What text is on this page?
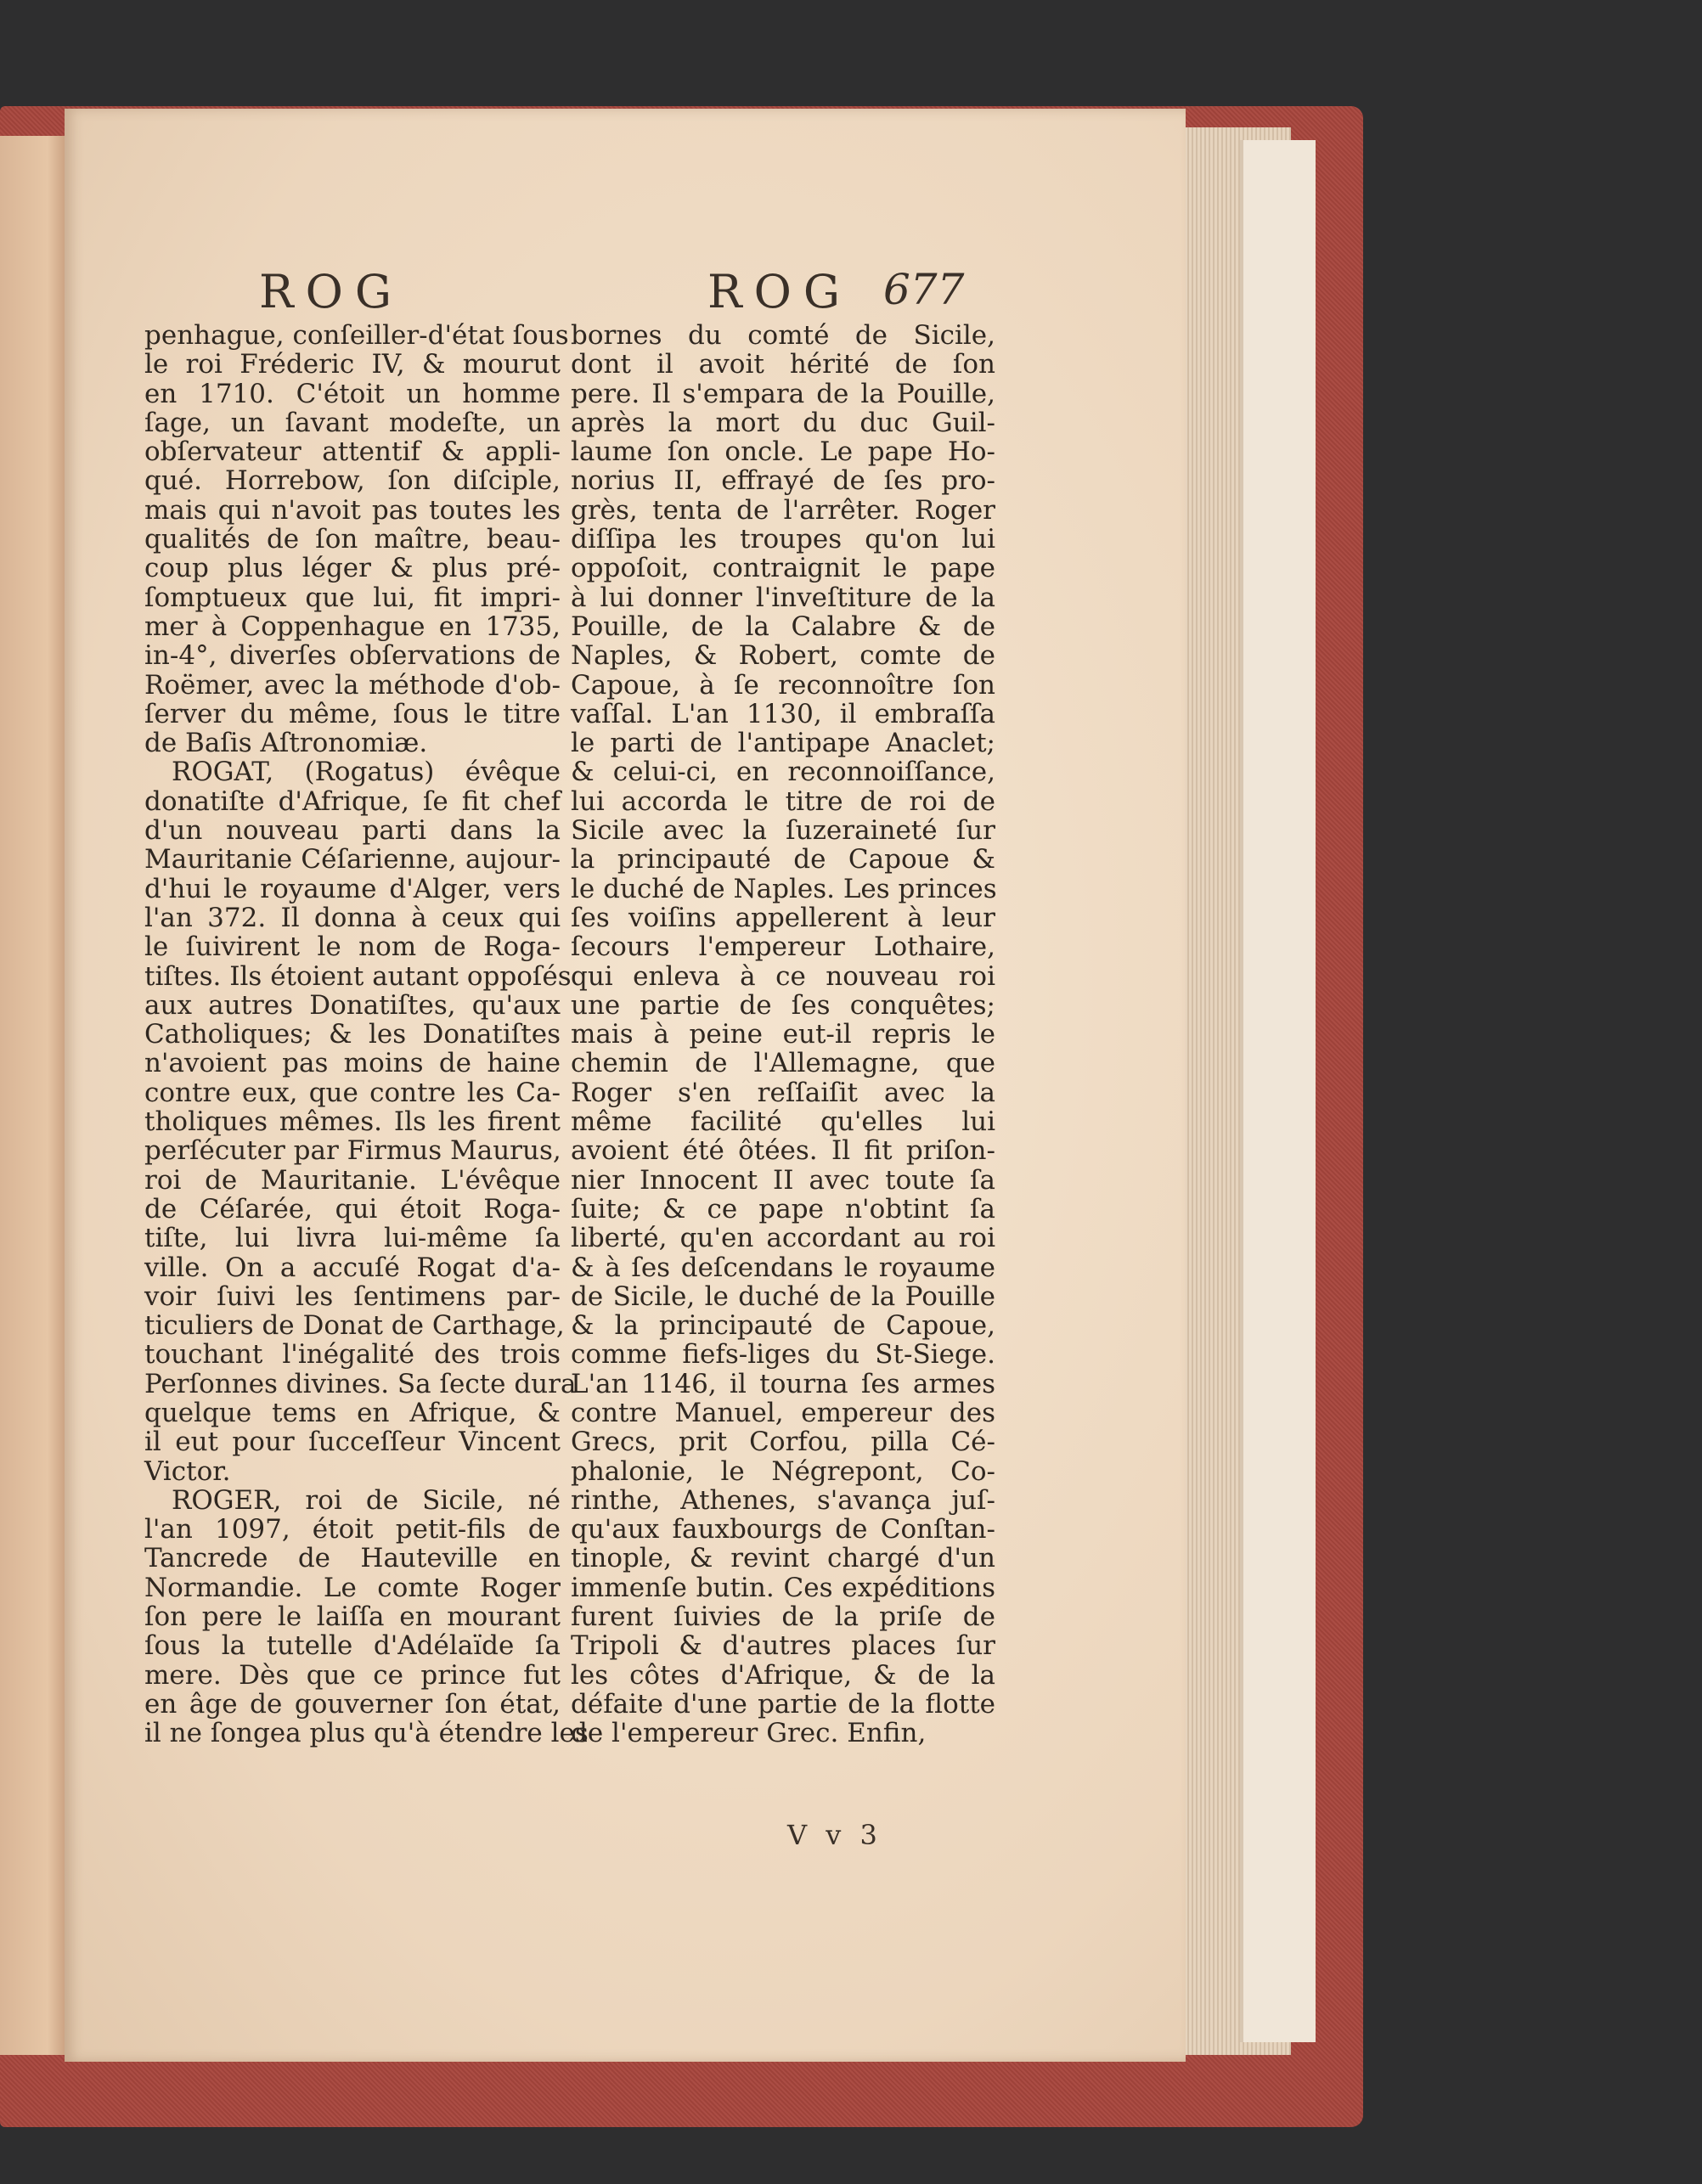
ROG	ROG 677
penhague, conſeiller-d'état ſous
le roi Fréderic IV, & mourut
en 1710. C'étoit un homme
ſage, un ſavant modeſte, un
obſervateur attentif & appli-
qué. Horrebow, ſon diſciple,
mais qui n'avoit pas toutes les
qualités de ſon maître, beau-
coup plus léger & plus pré-
ſomptueux que lui, fit impri-
mer à Coppenhague en 1735,
in-4°, diverſes obſervations de
Roëmer, avec la méthode d'ob-
ſerver du même, ſous le titre
de Baſis Aſtronomiæ.
ROGAT, (Rogatus) évêque
donatiſte d'Afrique, ſe fit chef
d'un nouveau parti dans la
Mauritanie Céſarienne, aujour-
d'hui le royaume d'Alger, vers
l'an 372. Il donna à ceux qui
le ſuivirent le nom de Roga-
tiſtes. Ils étoient autant oppoſés
aux autres Donatiſtes, qu'aux
Catholiques; & les Donatiſtes
n'avoient pas moins de haine
contre eux, que contre les Ca-
tholiques mêmes. Ils les firent
perſécuter par Firmus Maurus,
roi de Mauritanie. L'évêque
de Céſarée, qui étoit Roga-
tiſte, lui livra lui-même ſa
ville. On a accuſé Rogat d'a-
voir ſuivi les ſentimens par-
ticuliers de Donat de Carthage,
touchant l'inégalité des trois
Perſonnes divines. Sa ſecte dura
quelque tems en Afrique, &
il eut pour ſucceſſeur Vincent
Victor.
ROGER, roi de Sicile, né
l'an 1097, étoit petit-fils de
Tancrede de Hauteville en
Normandie. Le comte Roger
ſon pere le laiſſa en mourant
ſous la tutelle d'Adélaïde ſa
mere. Dès que ce prince fut
en âge de gouverner ſon état,
il ne ſongea plus qu'à étendre les
bornes du comté de Sicile,
dont il avoit hérité de ſon
pere. Il s'empara de la Pouille,
après la mort du duc Guil-
laume ſon oncle. Le pape Ho-
norius II, effrayé de ſes pro-
grès, tenta de l'arrêter. Roger
diſſipa les troupes qu'on lui
oppoſoit, contraignit le pape
à lui donner l'inveſtiture de la
Pouille, de la Calabre & de
Naples, & Robert, comte de
Capoue, à ſe reconnoître ſon
vaſſal. L'an 1130, il embraſſa
le parti de l'antipape Anaclet;
& celui-ci, en reconnoiſſance,
lui accorda le titre de roi de
Sicile avec la ſuzeraineté ſur
la principauté de Capoue &
le duché de Naples. Les princes
ſes voiſins appellerent à leur
ſecours l'empereur Lothaire,
qui enleva à ce nouveau roi
une partie de ſes conquêtes;
mais à peine eut-il repris le
chemin de l'Allemagne, que
Roger s'en reſſaiſit avec la
même facilité qu'elles lui
avoient été ôtées. Il fit priſon-
nier Innocent II avec toute ſa
ſuite; & ce pape n'obtint ſa
liberté, qu'en accordant au roi
& à ſes deſcendans le royaume
de Sicile, le duché de la Pouille
& la principauté de Capoue,
comme fiefs-liges du St-Siege.
L'an 1146, il tourna ſes armes
contre Manuel, empereur des
Grecs, prit Corfou, pilla Cé-
phalonie, le Négrepont, Co-
rinthe, Athenes, s'avança juſ-
qu'aux fauxbourgs de Conſtan-
tinople, & revint chargé d'un
immenſe butin. Ces expéditions
furent ſuivies de la priſe de
Tripoli & d'autres places ſur
les côtes d'Afrique, & de la
défaite d'une partie de la flotte
de l'empereur Grec. Enfin,
V v 3
